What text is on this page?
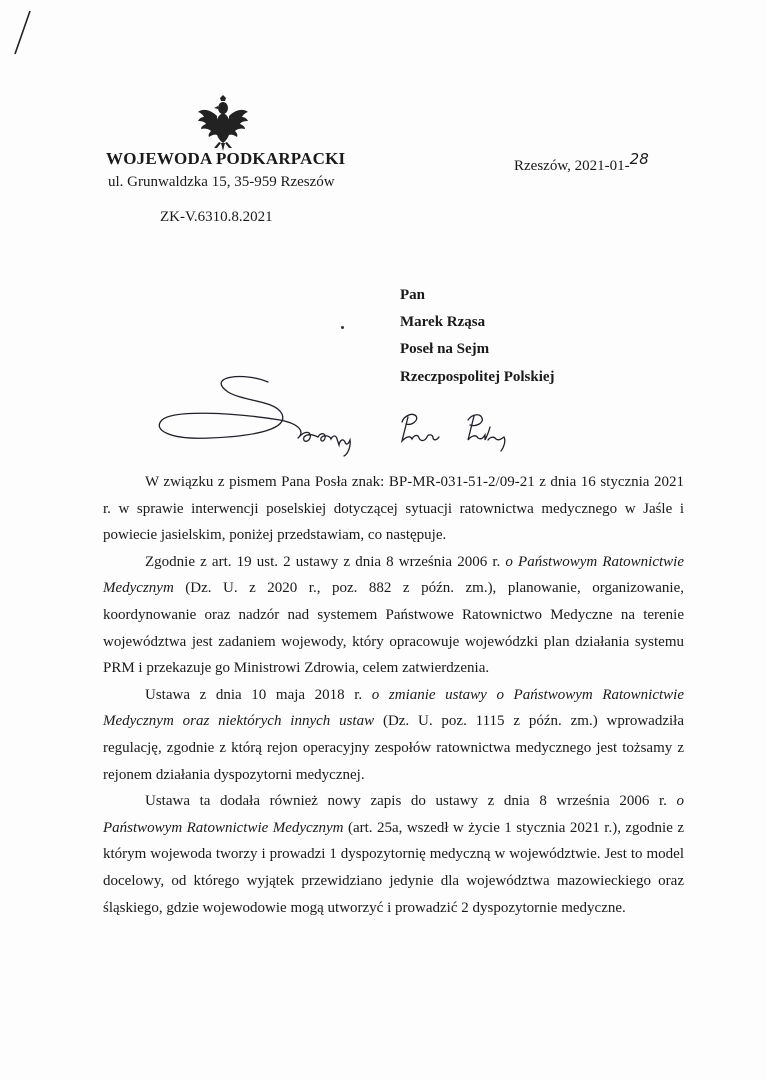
WOJEWODA PODKARPACKI
ul. Grunwaldzka 15, 35-959 Rzeszów
ZK-V.6310.8.2021
Rzeszów, 2021-01-28
Pan
Marek Rząsa
Poseł na Sejm
Rzeczpospolitej Polskiej

W związku z pismem Pana Posła znak: BP-MR-031-51-2/09-21 z dnia 16 stycznia 2021 r. w sprawie interwencji poselskiej dotyczącej sytuacji ratownictwa medycznego w Jaśle i powiecie jasielskim, poniżej przedstawiam, co następuje.

Zgodnie z art. 19 ust. 2 ustawy z dnia 8 września 2006 r. o Państwowym Ratownictwie Medycznym (Dz. U. z 2020 r., poz. 882 z późn. zm.), planowanie, organizowanie, koordynowanie oraz nadzór nad systemem Państwowe Ratownictwo Medyczne na terenie województwa jest zadaniem wojewody, który opracowuje wojewódzki plan działania systemu PRM i przekazuje go Ministrowi Zdrowia, celem zatwierdzenia.

Ustawa z dnia 10 maja 2018 r. o zmianie ustawy o Państwowym Ratownictwie Medycznym oraz niektórych innych ustaw (Dz. U. poz. 1115 z późn. zm.) wprowadziła regulację, zgodnie z którą rejon operacyjny zespołów ratownictwa medycznego jest tożsamy z rejonem działania dyspozytorni medycznej.

Ustawa ta dodała również nowy zapis do ustawy z dnia 8 września 2006 r. o Państwowym Ratownictwie Medycznym (art. 25a, wszedł w życie 1 stycznia 2021 r.), zgodnie z którym wojewoda tworzy i prowadzi 1 dyspozytornię medyczną w województwie. Jest to model docelowy, od którego wyjątek przewidziano jedynie dla województwa mazowieckiego oraz śląskiego, gdzie wojewodowie mogą utworzyć i prowadzić 2 dyspozytornie medyczne.
